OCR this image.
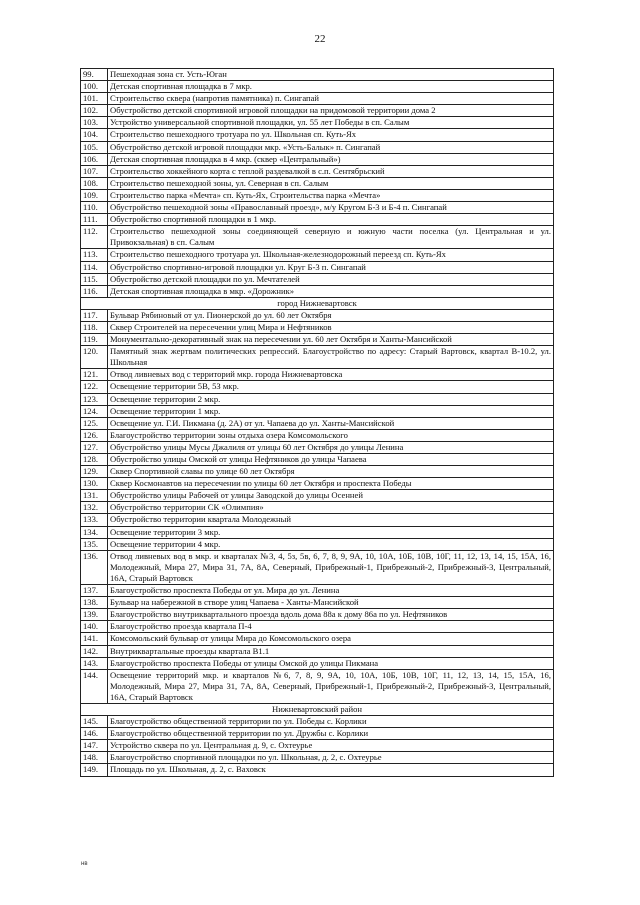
22
99.	Пешеходная зона ст. Усть-Юган
100.	Детская спортивная площадка в 7 мкр.
101.	Строительство сквера (напротив памятника) п. Сингапай
102.	Обустройство детской спортивной игровой площадки на придомовой территории дома 2
103.	Устройство универсальной спортивной площадки, ул. 55 лет Победы в сп. Салым
104.	Строительство пешеходного тротуара по ул. Школьная сп. Куть-Ях
105.	Обустройство детской игровой площадки мкр. «Усть-Балык» п. Сингапай
106.	Детская спортивная площадка в 4 мкр. (сквер «Центральный»)
107.	Строительство хоккейного корта с теплой раздевалкой в с.п. Сентябрьский
108.	Строительство пешеходной зоны, ул. Северная в сп. Салым
109.	Строительство парка «Мечта» сп. Куть-Ях, Строительства парка «Мечта»
110.	Обустройство пешеходной зоны «Православный проезд», м/у Кругом Б-3 и Б-4 п. Сингапай
111.	Обустройство спортивной площадки в 1 мкр.
112.	Строительство пешеходной зоны соединяющей северную и южную части поселка (ул. Центральная и ул. Привокзальная) в сп. Салым
113.	Строительство пешеходного тротуара ул. Школьная-железнодорожный переезд сп. Куть-Ях
114.	Обустройство спортивно-игровой площадки ул. Круг Б-3 п. Сингапай
115.	Обустройство детской площадки по ул. Мечтателей
116.	Детская спортивная площадка в мкр. «Дорожник»
город Нижневартовск	
117.	Бульвар Рябиновый от ул. Пионерской до ул. 60 лет Октября
118.	Сквер Строителей на пересечении улиц Мира и Нефтяников
119.	Монументально-декоративный знак на пересечении ул. 60 лет Октября и Ханты-Мансийской
120.	Памятный знак жертвам политических репрессий. Благоустройство по адресу: Старый Вартовск, квартал В-10.2, ул. Школьная
121.	Отвод ливневых вод с территорий мкр. города Нижневартовска
122.	Освещение территории 5В, 5З мкр.
123.	Освещение территории 2 мкр.
124.	Освещение территории 1 мкр.
125.	Освещение ул. Г.И. Пикмана (д. 2А) от ул. Чапаева до ул. Ханты-Мансийской
126.	Благоустройство территории зоны отдыха озера Комсомольского
127.	Обустройство улицы Мусы Джалиля от улицы 60 лет Октября до улицы Ленина
128.	Обустройство улицы Омской от улицы Нефтяников до улицы Чапаева
129.	Сквер Спортивной славы по улице 60 лет Октября
130.	Сквер Космонавтов на пересечении по улицы 60 лет Октября и проспекта Победы
131.	Обустройство улицы Рабочей от улицы Заводской до улицы Осенней
132.	Обустройство территории СК «Олимпия»
133.	Обустройство территории квартала Молодежный
134.	Освещение территории 3 мкр.
135.	Освещение территории 4 мкр.
136.	Отвод ливневых вод в мкр. и кварталах №3, 4, 5з, 5в, 6, 7, 8, 9, 9А, 10, 10А, 10Б, 10В, 10Г, 11, 12, 13, 14, 15, 15А, 16, Молодежный, Мира 27, Мира 31, 7А, 8А, Северный, Прибрежный-1, Прибрежный-2, Прибрежный-3, Центральный, 16А, Старый Вартовск
137.	Благоустройство проспекта Победы от ул. Мира до ул. Ленина
138.	Бульвар на набережной в створе улиц Чапаева - Ханты-Мансийской
139.	Благоустройство внутриквартального проезда вдоль дома 88а к дому 86а по ул. Нефтяников
140.	Благоустройство проезда квартала П-4
141.	Комсомольский бульвар от улицы Мира до Комсомольского озера
142.	Внутриквартальные проезды квартала В1.1
143.	Благоустройство проспекта Победы от улицы Омской до улицы Пикмана
144.	Освещение территорий мкр. и кварталов №6, 7, 8, 9, 9А, 10, 10А, 10Б, 10В, 10Г, 11, 12, 13, 14, 15, 15А, 16, Молодежный, Мира 27, Мира 31, 7А, 8А, Северный, Прибрежный-1, Прибрежный-2, Прибрежный-3, Центральный, 16А, Старый Вартовск
Нижневартовский район	
145.	Благоустройство общественной территории по ул. Победы с. Корлики
146.	Благоустройство общественной территории по ул. Дружбы с. Корлики
147.	Устройство сквера по ул. Центральная д. 9, с. Охтеурье
148.	Благоустройство спортивной площадки по ул. Школьная, д. 2, с. Охтеурье
149.	Площадь по ул. Школьная, д. 2, с. Ваховск
нв
